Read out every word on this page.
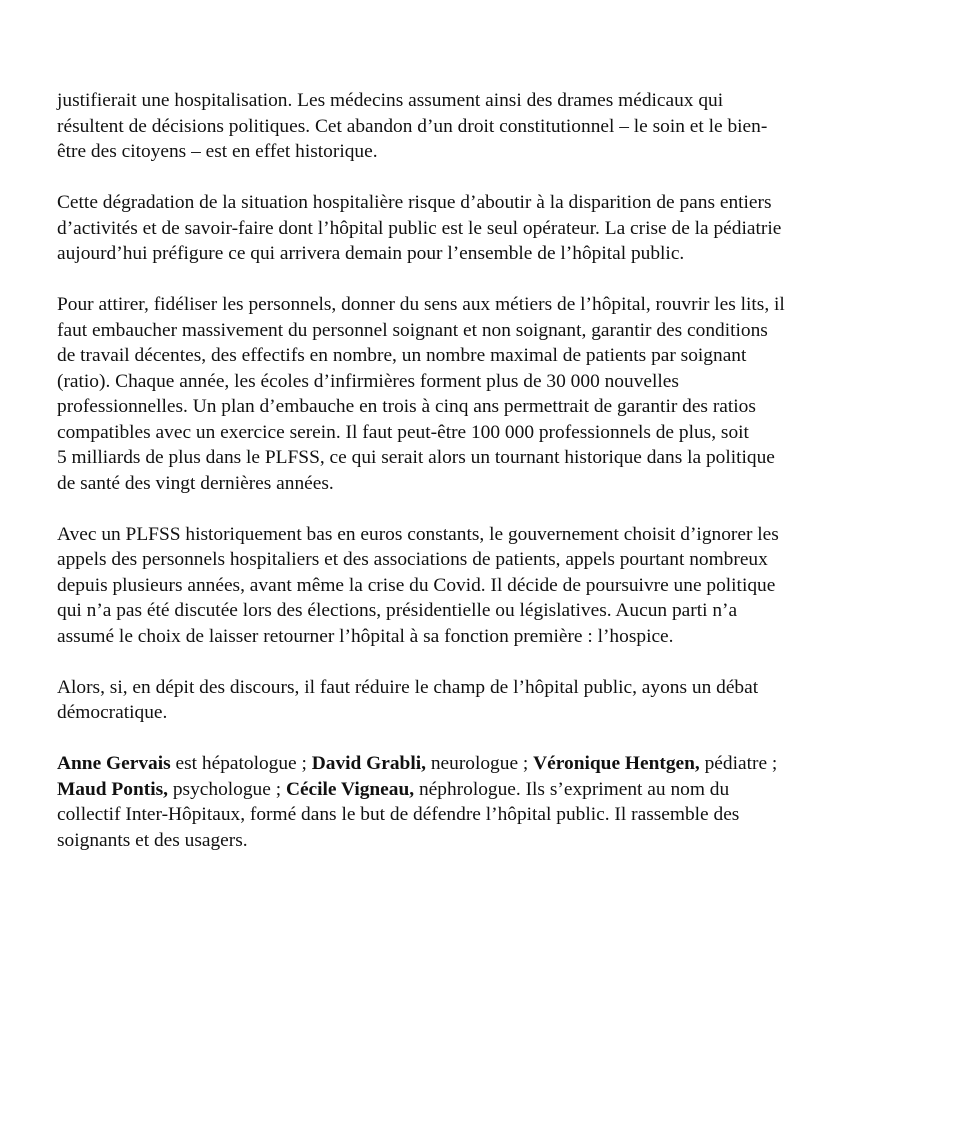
justifierait une hospitalisation. Les médecins assument ainsi des drames médicaux qui
résultent de décisions politiques. Cet abandon d’un droit constitutionnel – le soin et le bien-
être des citoyens – est en effet historique.

Cette dégradation de la situation hospitalière risque d’aboutir à la disparition de pans entiers
d’activités et de savoir-faire dont l’hôpital public est le seul opérateur. La crise de la pédiatrie
aujourd’hui préfigure ce qui arrivera demain pour l’ensemble de l’hôpital public.

Pour attirer, fidéliser les personnels, donner du sens aux métiers de l’hôpital, rouvrir les lits, il
faut embaucher massivement du personnel soignant et non soignant, garantir des conditions
de travail décentes, des effectifs en nombre, un nombre maximal de patients par soignant
(ratio). Chaque année, les écoles d’infirmières forment plus de 30 000 nouvelles
professionnelles. Un plan d’embauche en trois à cinq ans permettrait de garantir des ratios
compatibles avec un exercice serein. Il faut peut-être 100 000 professionnels de plus, soit
5 milliards de plus dans le PLFSS, ce qui serait alors un tournant historique dans la politique
de santé des vingt dernières années.

Avec un PLFSS historiquement bas en euros constants, le gouvernement choisit d’ignorer les
appels des personnels hospitaliers et des associations de patients, appels pourtant nombreux
depuis plusieurs années, avant même la crise du Covid. Il décide de poursuivre une politique
qui n’a pas été discutée lors des élections, présidentielle ou législatives. Aucun parti n’a
assumé le choix de laisser retourner l’hôpital à sa fonction première : l’hospice.

Alors, si, en dépit des discours, il faut réduire le champ de l’hôpital public, ayons un débat
démocratique.

Anne Gervais est hépatologue ; David Grabli, neurologue ; Véronique Hentgen, pédiatre ;
Maud Pontis, psychologue ; Cécile Vigneau, néphrologue. Ils s’expriment au nom du
collectif Inter-Hôpitaux, formé dans le but de défendre l’hôpital public. Il rassemble des
soignants et des usagers.
